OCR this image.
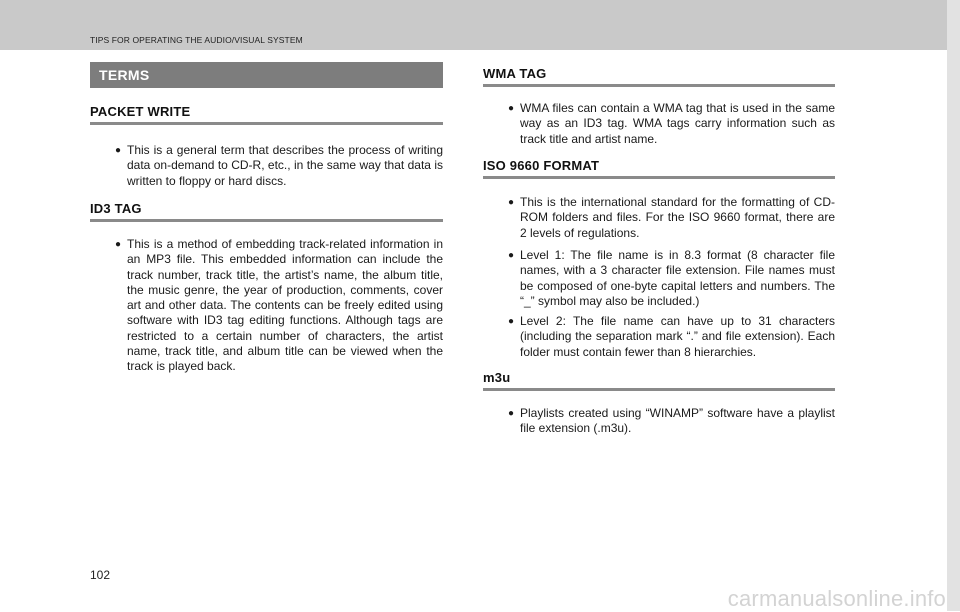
TIPS FOR OPERATING THE AUDIO/VISUAL SYSTEM
TERMS
PACKET WRITE
● This is a general term that describes the process of writing data on-demand to CD-R, etc., in the same way that data is written to floppy or hard discs.
ID3 TAG
● This is a method of embedding track-related information in an MP3 file. This embedded information can include the track number, track title, the artist’s name, the album title, the music genre, the year of production, comments, cover art and other data. The contents can be freely edited using software with ID3 tag editing functions. Although tags are restricted to a certain number of characters, the artist name, track title, and album title can be viewed when the track is played back.
WMA TAG
● WMA files can contain a WMA tag that is used in the same way as an ID3 tag. WMA tags carry information such as track title and artist name.
ISO 9660 FORMAT
● This is the international standard for the formatting of CD-ROM folders and files. For the ISO 9660 format, there are 2 levels of regulations.
● Level 1: The file name is in 8.3 format (8 character file names, with a 3 character file extension. File names must be composed of one-byte capital letters and numbers. The “_” symbol may also be included.)
● Level 2: The file name can have up to 31 characters (including the separation mark “.” and file extension). Each folder must contain fewer than 8 hierarchies.
m3u
● Playlists created using “WINAMP” software have a playlist file extension (.m3u).
102
carmanualsonline.info
